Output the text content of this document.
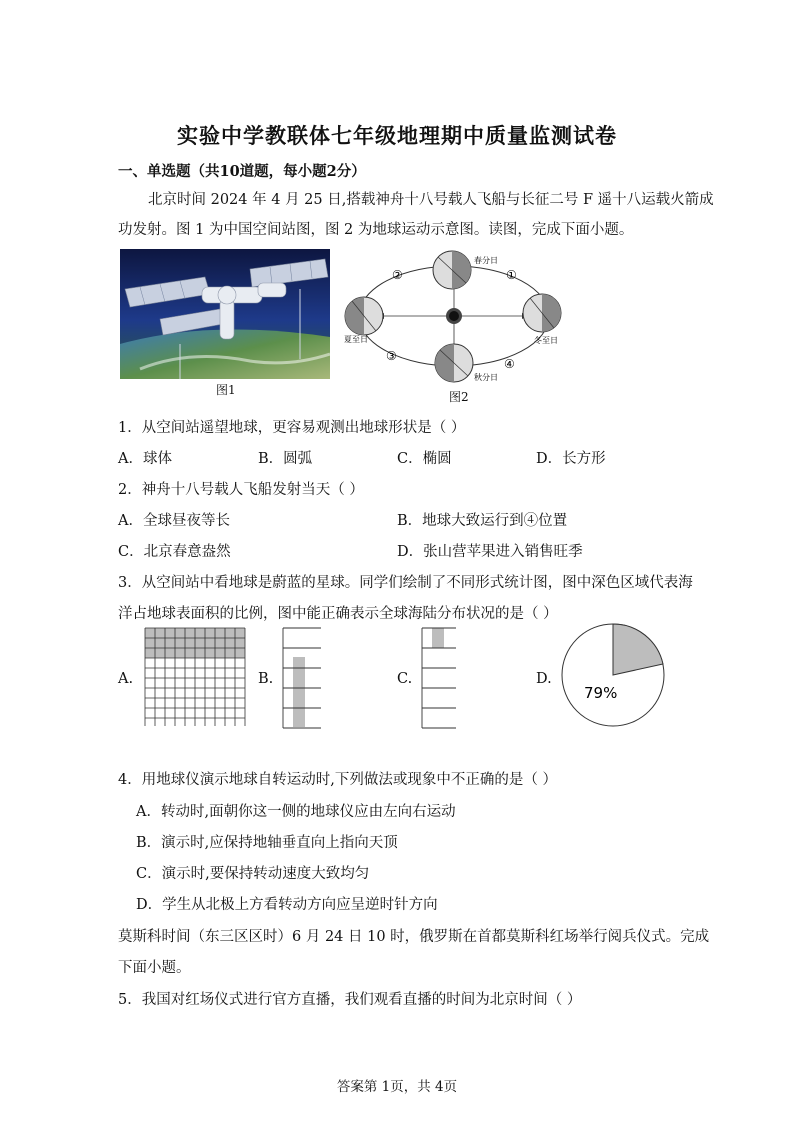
实验中学教联体七年级地理期中质量监测试卷
一、单选题（共10道题，每小题2分）
北京时间 2024 年 4 月 25 日,搭载神舟十八号载人飞船与长征二号 F 遥十八运载火箭成
功发射。图 1 为中国空间站图，图 2 为地球运动示意图。读图，完成下面小题。
图1
春分日
夏至日	冬至日
秋分日
②	①
③
④
图2
1．从空间站遥望地球，更容易观测出地球形状是（ ）
A．球体	B．圆弧	C．椭圆	D．长方形
2．神舟十八号载人飞船发射当天（ ）
A．全球昼夜等长	B．地球大致运行到④位置
C．北京春意盎然	D．张山营苹果进入销售旺季
3．从空间站中看地球是蔚蓝的星球。同学们绘制了不同形式统计图，图中深色区域代表海
洋占地球表面积的比例，图中能正确表示全球海陆分布状况的是（ ）
A.	B.	C.	D.
79%
4．用地球仪演示地球自转运动时,下列做法或现象中不正确的是（ ）
A．转动时,面朝你这一侧的地球仪应由左向右运动
B．演示时,应保持地轴垂直向上指向天顶
C．演示时,要保持转动速度大致均匀
D．学生从北极上方看转动方向应呈逆时针方向
莫斯科时间（东三区区时）6 月 24 日 10 时，俄罗斯在首都莫斯科红场举行阅兵仪式。完成
下面小题。
5．我国对红场仪式进行官方直播，我们观看直播的时间为北京时间（ ）
答案第 1页，共 4页
